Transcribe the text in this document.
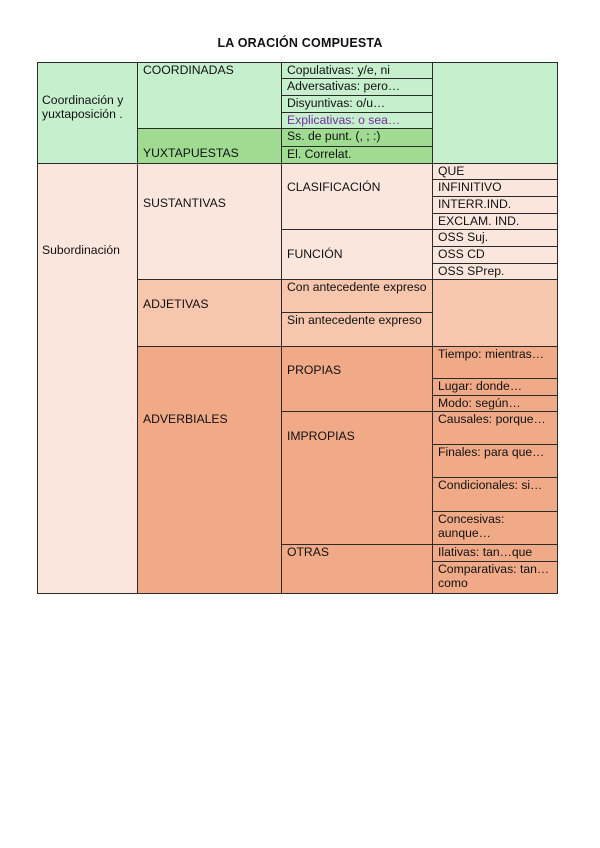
LA ORACIÓN COMPUESTA
Coordinación y yuxtaposición .
COORDINADAS
YUXTAPUESTAS
Copulativas: y/e, ni
Adversativas: pero…
Disyuntivas: o/u…
Explicativas: o sea…
Ss. de punt. (, ; :)
El. Correlat.
Subordinación
SUSTANTIVAS
CLASIFICACIÓN
QUE
INFINITIVO
INTERR.IND.
EXCLAM. IND.
FUNCIÓN
OSS Suj.
OSS CD
OSS SPrep.
ADJETIVAS
Con antecedente expreso
Sin antecedente expreso
ADVERBIALES
PROPIAS
Tiempo: mientras…
Lugar: donde…
Modo: según…
IMPROPIAS
Causales: porque…
Finales: para que…
Condicionales: si…
Concesivas: aunque…
OTRAS	Ilativas: tan…que
Comparativas: tan…como
